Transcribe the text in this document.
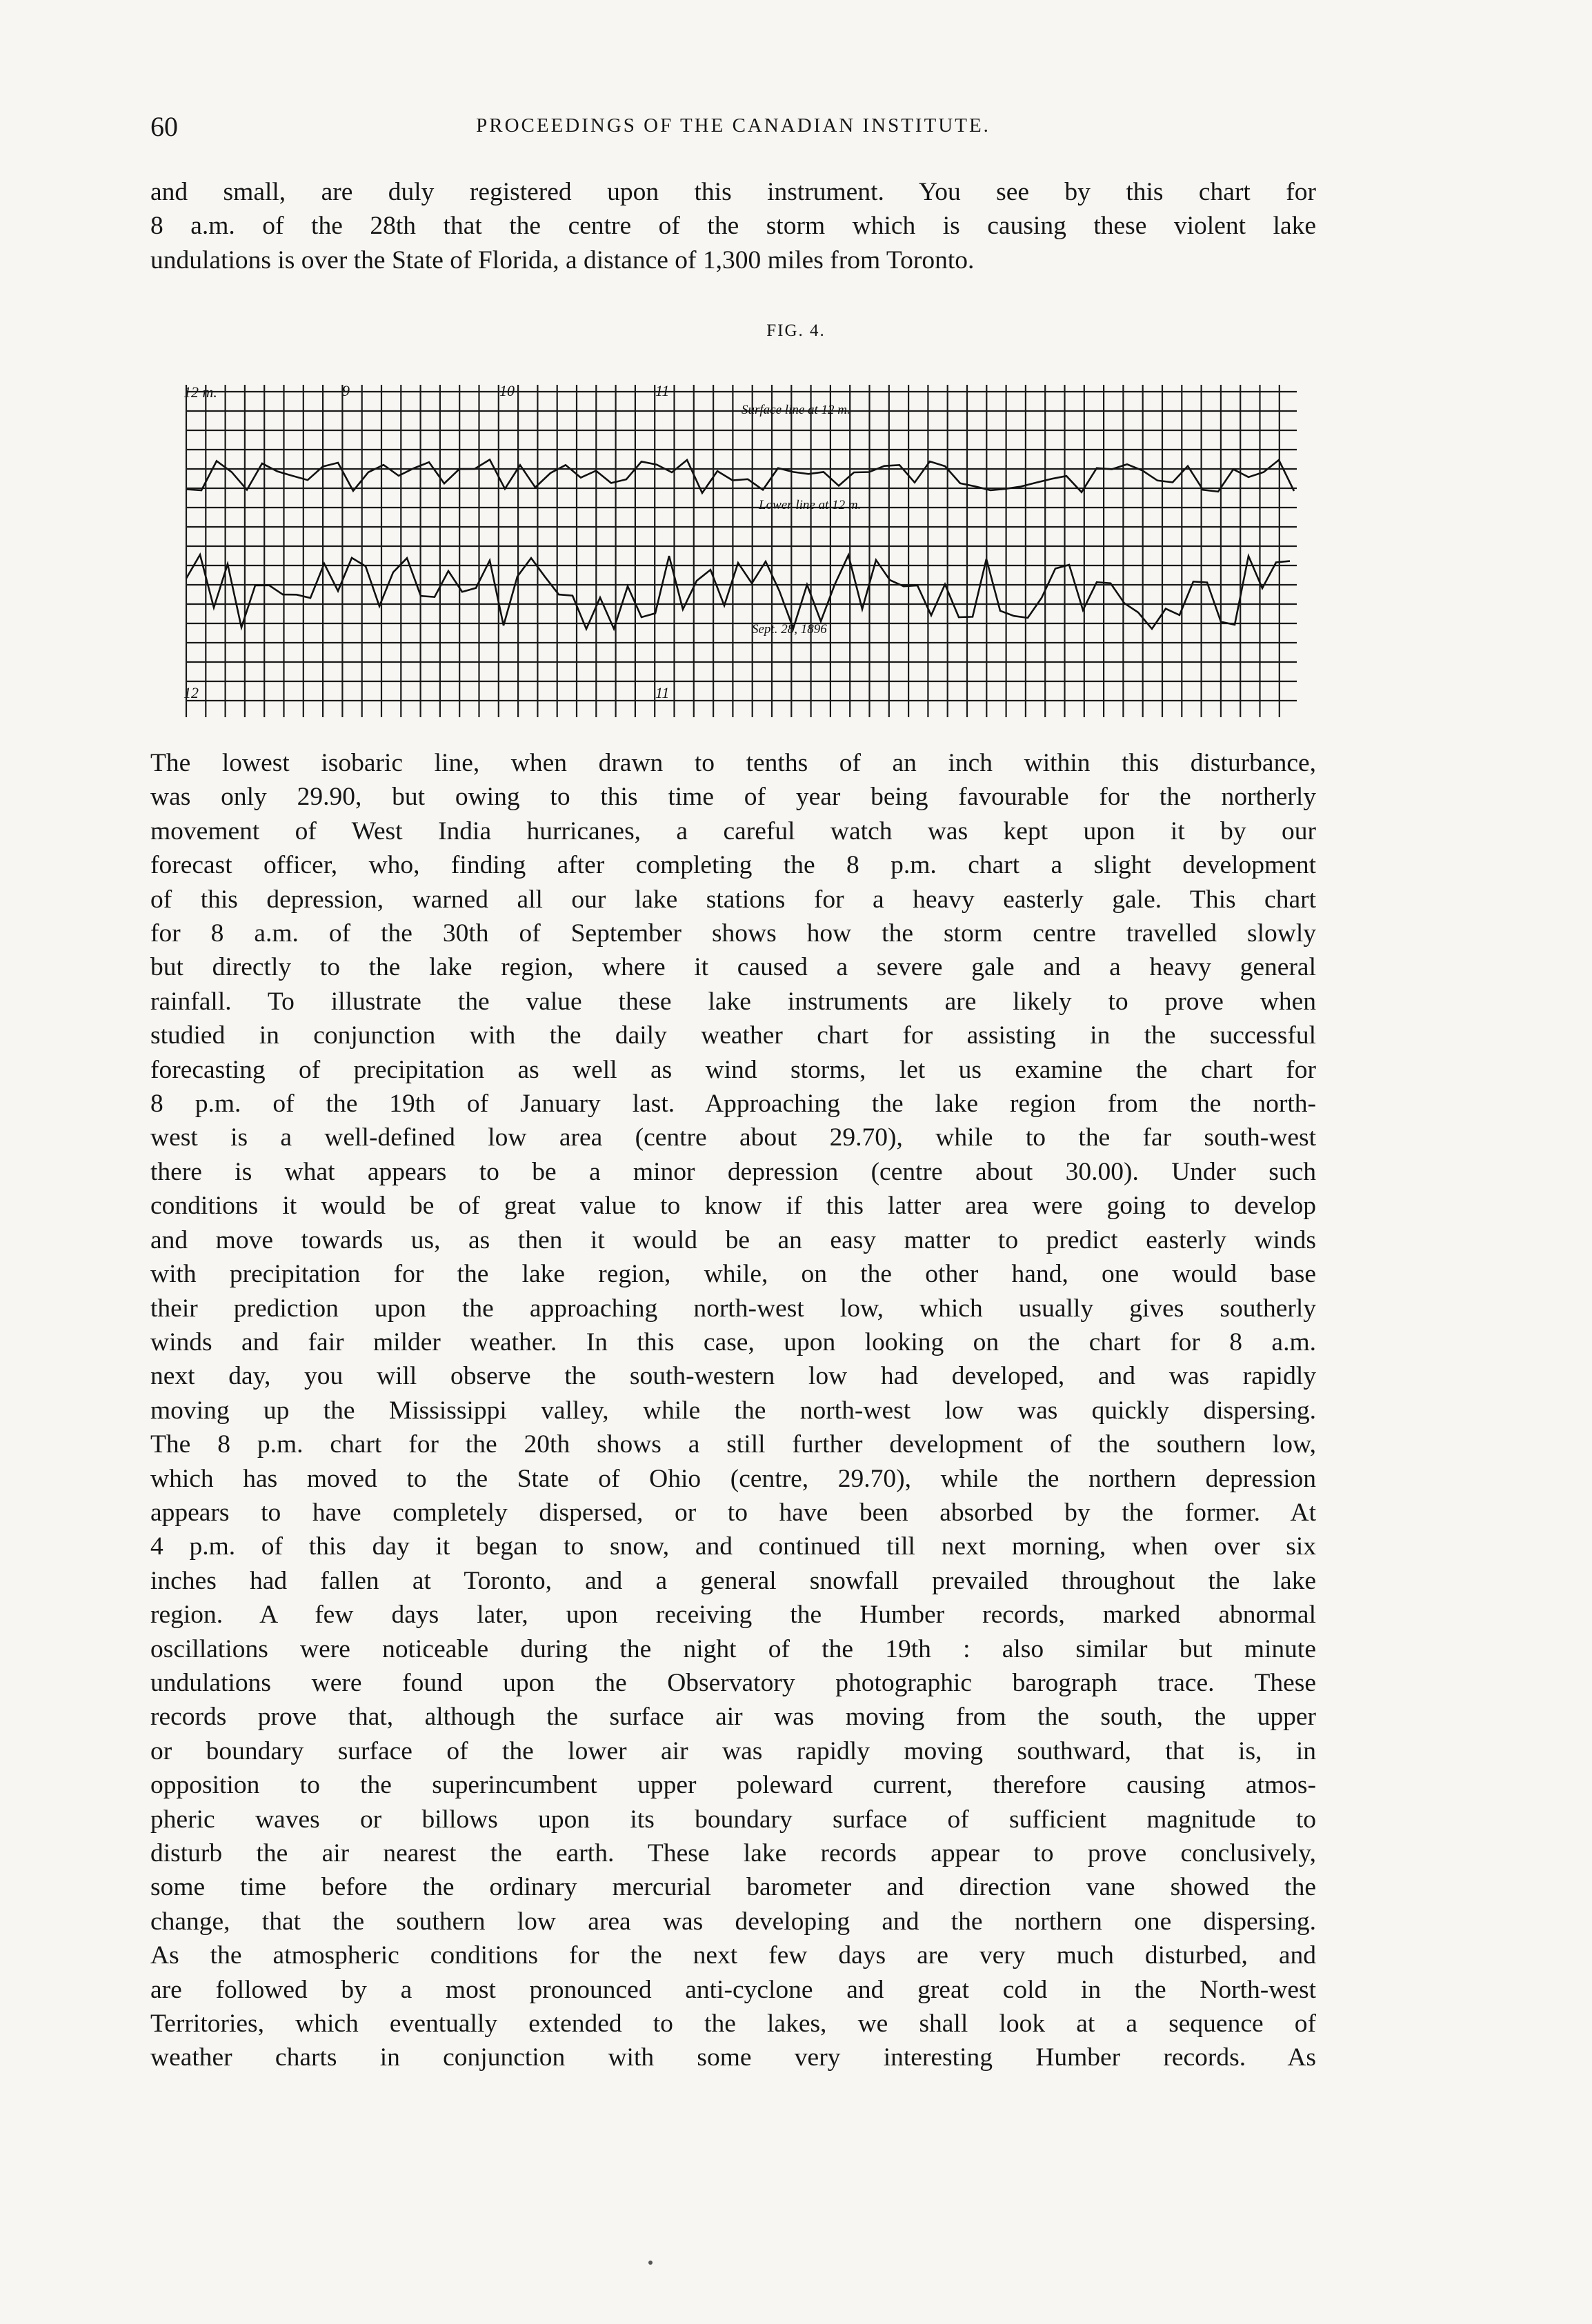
60	PROCEEDINGS OF THE CANADIAN INSTITUTE.
and small, are duly registered upon this instrument. You see by this chart for
8 a.m. of the 28th that the centre of the storm which is causing these violent lake
undulations is over the State of Florida, a distance of 1,300 miles from Toronto.
FIG. 4.
12 m.	9	10	11
Surface line at 12 m.
Lower line at 12 m.
Sept. 28, 1896
12	11
The lowest isobaric line, when drawn to tenths of an inch within this disturbance,
was only 29.90, but owing to this time of year being favourable for the northerly
movement of West India hurricanes, a careful watch was kept upon it by our
forecast officer, who, finding after completing the 8 p.m. chart a slight development
of this depression, warned all our lake stations for a heavy easterly gale. This chart
for 8 a.m. of the 30th of September shows how the storm centre travelled slowly
but directly to the lake region, where it caused a severe gale and a heavy general
rainfall. To illustrate the value these lake instruments are likely to prove when
studied in conjunction with the daily weather chart for assisting in the successful
forecasting of precipitation as well as wind storms, let us examine the chart for
8 p.m. of the 19th of January last. Approaching the lake region from the north-
west is a well-defined low area (centre about 29.70), while to the far south-west
there is what appears to be a minor depression (centre about 30.00). Under such
conditions it would be of great value to know if this latter area were going to develop
and move towards us, as then it would be an easy matter to predict easterly winds
with precipitation for the lake region, while, on the other hand, one would base
their prediction upon the approaching north-west low, which usually gives southerly
winds and fair milder weather. In this case, upon looking on the chart for 8 a.m.
next day, you will observe the south-western low had developed, and was rapidly
moving up the Mississippi valley, while the north-west low was quickly dispersing.
The 8 p.m. chart for the 20th shows a still further development of the southern low,
which has moved to the State of Ohio (centre, 29.70), while the northern depression
appears to have completely dispersed, or to have been absorbed by the former. At
4 p.m. of this day it began to snow, and continued till next morning, when over six
inches had fallen at Toronto, and a general snowfall prevailed throughout the lake
region. A few days later, upon receiving the Humber records, marked abnormal
oscillations were noticeable during the night of the 19th : also similar but minute
undulations were found upon the Observatory photographic barograph trace. These
records prove that, although the surface air was moving from the south, the upper
or boundary surface of the lower air was rapidly moving southward, that is, in
opposition to the superincumbent upper poleward current, therefore causing atmos-
pheric waves or billows upon its boundary surface of sufficient magnitude to
disturb the air nearest the earth. These lake records appear to prove conclusively,
some time before the ordinary mercurial barometer and direction vane showed the
change, that the southern low area was developing and the northern one dispersing.
As the atmospheric conditions for the next few days are very much disturbed, and
are followed by a most pronounced anti-cyclone and great cold in the North-west
Territories, which eventually extended to the lakes, we shall look at a sequence of
weather charts in conjunction with some very interesting Humber records. As
